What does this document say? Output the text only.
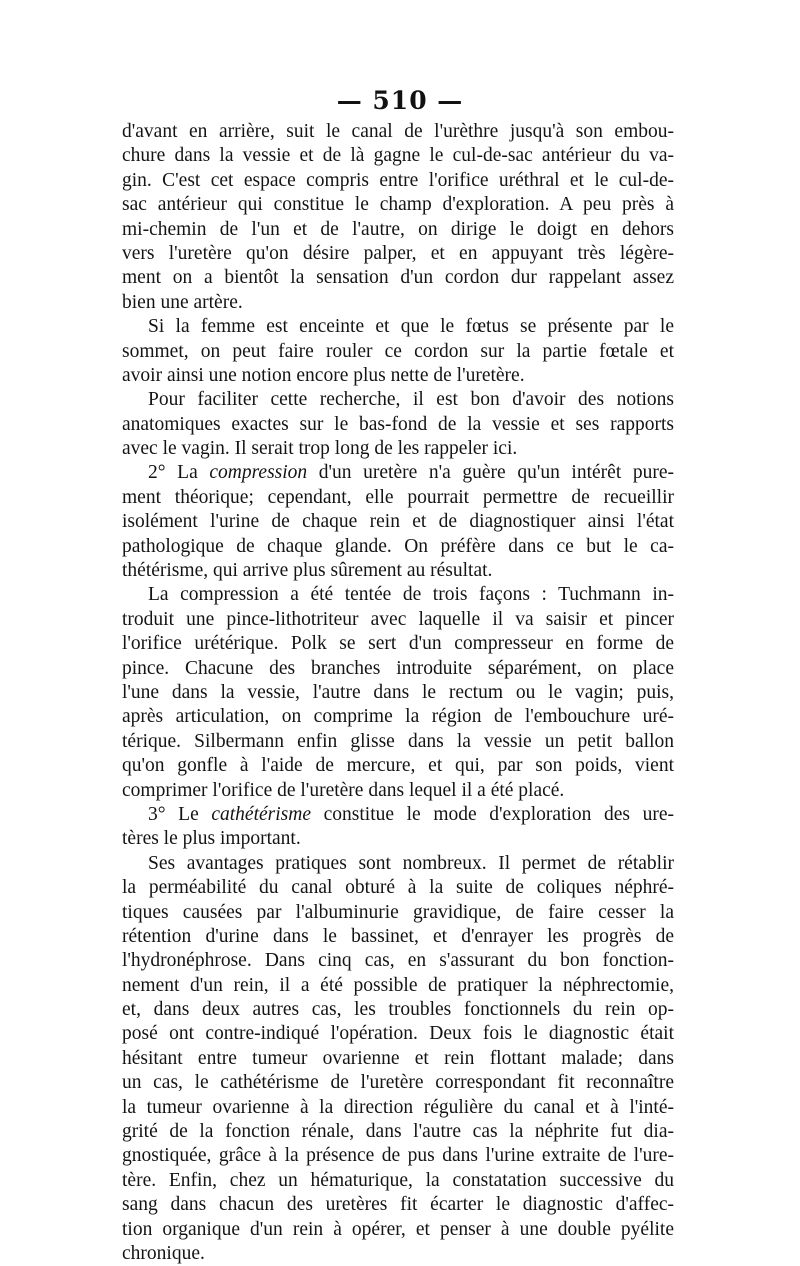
— 510 —
d'avant en arrière, suit le canal de l'urèthre jusqu'à son embou-
chure dans la vessie et de là gagne le cul-de-sac antérieur du va-
gin. C'est cet espace compris entre l'orifice uréthral et le cul-de-
sac antérieur qui constitue le champ d'exploration. A peu près à
mi-chemin de l'un et de l'autre, on dirige le doigt en dehors
vers l'uretère qu'on désire palper, et en appuyant très légère-
ment on a bientôt la sensation d'un cordon dur rappelant assez
bien une artère.
Si la femme est enceinte et que le fœtus se présente par le
sommet, on peut faire rouler ce cordon sur la partie fœtale et
avoir ainsi une notion encore plus nette de l'uretère.
Pour faciliter cette recherche, il est bon d'avoir des notions
anatomiques exactes sur le bas-fond de la vessie et ses rapports
avec le vagin. Il serait trop long de les rappeler ici.
2° La compression d'un uretère n'a guère qu'un intérêt pure-
ment théorique; cependant, elle pourrait permettre de recueillir
isolément l'urine de chaque rein et de diagnostiquer ainsi l'état
pathologique de chaque glande. On préfère dans ce but le ca-
thétérisme, qui arrive plus sûrement au résultat.
La compression a été tentée de trois façons : Tuchmann in-
troduit une pince-lithotriteur avec laquelle il va saisir et pincer
l'orifice urétérique. Polk se sert d'un compresseur en forme de
pince. Chacune des branches introduite séparément, on place
l'une dans la vessie, l'autre dans le rectum ou le vagin; puis,
après articulation, on comprime la région de l'embouchure uré-
térique. Silbermann enfin glisse dans la vessie un petit ballon
qu'on gonfle à l'aide de mercure, et qui, par son poids, vient
comprimer l'orifice de l'uretère dans lequel il a été placé.
3° Le cathétérisme constitue le mode d'exploration des ure-
tères le plus important.
Ses avantages pratiques sont nombreux. Il permet de rétablir
la perméabilité du canal obturé à la suite de coliques néphré-
tiques causées par l'albuminurie gravidique, de faire cesser la
rétention d'urine dans le bassinet, et d'enrayer les progrès de
l'hydronéphrose. Dans cinq cas, en s'assurant du bon fonction-
nement d'un rein, il a été possible de pratiquer la néphrectomie,
et, dans deux autres cas, les troubles fonctionnels du rein op-
posé ont contre-indiqué l'opération. Deux fois le diagnostic était
hésitant entre tumeur ovarienne et rein flottant malade; dans
un cas, le cathétérisme de l'uretère correspondant fit reconnaître
la tumeur ovarienne à la direction régulière du canal et à l'inté-
grité de la fonction rénale, dans l'autre cas la néphrite fut dia-
gnostiquée, grâce à la présence de pus dans l'urine extraite de l'ure-
tère. Enfin, chez un hématurique, la constatation successive du
sang dans chacun des uretères fit écarter le diagnostic d'affec-
tion organique d'un rein à opérer, et penser à une double pyélite
chronique.
